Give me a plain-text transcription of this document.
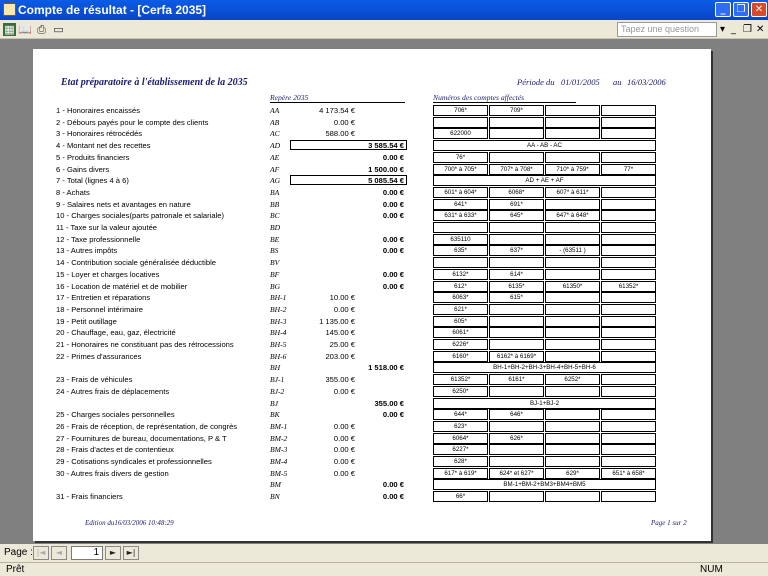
Compte de résultat - [Cerfa 2035]	_	❐ ✕
▦ 📖 ⎙ ▭	Tapez une question	▾ _ ❐ ✕
Etat préparatoire à l'établissement de la 2035	Période du 01/01/2005 au 16/03/2006
Repère 2035	Numéros des comptes affectés
1 - Honoraires encaissés	AA	4 173.54 €	706*	709*
2 - Débours payés pour le compte des clients	AB	0.00 €
3 - Honoraires rétrocédés	AC	588.00 €	622000
4 - Montant net des recettes	AD	3 585.54 €	AA - AB - AC
5 - Produits financiers	AE	0.00 €	76*
6 - Gains divers	AF	1 500.00 €	700* à 705*	707* à 708*	710* à 759*	77*
7 - Total (lignes 4 à 6)	AG	5 085.54 €	AD + AE + AF
8 - Achats	BA	0.00 €	601* à 604*	6068*	607* à 611*
9 - Salaires nets et avantages en nature	BB	0.00 €	641*	691*
10 - Charges sociales(parts patronale et salariale)	BC	0.00 €	631* à 633*	645*	647* à 648*
11 - Taxe sur la valeur ajoutée	BD
12 - Taxe professionnelle	BE	0.00 €	635110
13 - Autres impôts	BS	0.00 €	635*	637*	- (63511 )
14 - Contribution sociale généralisée déductible	BV
15 - Loyer et charges locatives	BF	0.00 €	6132*	614*
16 - Location de matériel et de mobilier	BG	0.00 €	612*	6135*	61350*	61352*
17 - Entretien et réparations	BH-1	10.00 €	6063*	615*
18 - Personnel intérimaire	BH-2	0.00 €	621*
19 - Petit outillage	BH-3	1 135.00 €	605*
20 - Chauffage, eau, gaz, électricité	BH-4	145.00 €	6061*
21 - Honoraires ne constituant pas des rétrocessions	BH-5	25.00 €	6226*
22 - Primes d'assurances	BH-6	203.00 €	6160*	6162* à 6169*
BH	1 518.00 €	BH-1+BH-2+BH-3+BH-4+BH-5+BH-6
23 - Frais de véhicules	BJ-1	355.00 €	61352*	6161*	6252*
24 - Autres frais de déplacements	BJ-2	0.00 €	6250*
BJ	355.00 €	BJ-1+BJ-2
25 - Charges sociales personnelles	BK	0.00 €	644*	646*
26 - Frais de réception, de représentation, de congrès	BM-1	0.00 €	623*
27 - Fournitures de bureau, documentations, P & T	BM-2	0.00 €	6064*	626*
28 - Frais d'actes et de contentieux	BM-3	0.00 €	6227*
29 - Cotisations syndicales et professionnelles	BM-4	0.00 €	628*
30 - Autres frais divers de gestion	BM-5	0.00 €	617* à 619*	624* et 627*	629*	651* à 658*
BM	0.00 €	BM-1+BM-2+BM3+BM4+BM5
31 - Frais financiers	BN	0.00 €	66*
Edition du16/03/2006 10:48:29	Page 1 sur 2
Page : |◄	◄	1	►	►|
Prêt	NUM
